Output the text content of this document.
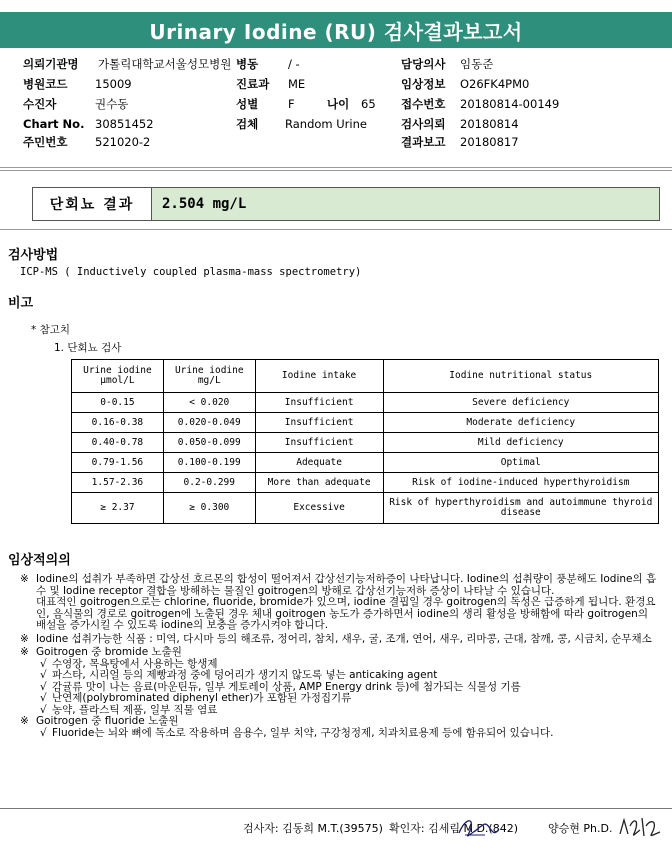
Urinary Iodine (RU) 검사결과보고서
의뢰기관명 가톨릭대학교서울성모병원 병동	/ -	담당의사 임동준
병원코드 15009	진료과 ME	임상정보 O26FK4PM0
수진자	권수동	성별	F	나이 65 접수번호 20180814-00149
Chart No. 30851452	검체 Random Urine	검사의뢰 20180814
주민번호 521020-2	결과보고 20180817
단회뇨 결과	2.504 mg/L
검사방법
ICP-MS ( Inductively coupled plasma-mass spectrometry)
비고
* 참고치
1. 단회뇨 검사
Urine iodine μmol/L	Urine iodine mg/L	Iodine intake	Iodine nutritional status
0-0.15	< 0.020	Insufficient	Severe deficiency
0.16-0.38	0.020-0.049	Insufficient	Moderate deficiency
0.40-0.78	0.050-0.099	Insufficient	Mild deficiency
0.79-1.56	0.100-0.199	Adequate	Optimal
1.57-2.36	0.2-0.299	More than adequate	Risk of iodine-induced hyperthyroidism
≥ 2.37	≥ 0.300	Excessive	Risk of hyperthyroidism and autoimmune thyroid disease
임상적의의

※ Iodine의 섭취가 부족하면 갑상선 호르몬의 합성이 떨어져서 갑상선기능저하증이 나타납니다. Iodine의 섭취량이 풍분해도 Iodine의 흡수 및 Iodine receptor 결합을 방해하는 물질인 goitrogen의 방해로 갑상선기능저하 증상이 나타날 수 있습니다.

대표적인 goitrogen으로는 chlorine, fluoride, bromide가 있으며, iodine 결핍일 경우 goitrogen의 독성은 급증하게 됩니다. 환경요인, 음식물의 경로로 goitrogen에 노출된 경우 체내 goitrogen 농도가 증가하면서 iodine의 생리 활성을 방해함에 따라 goitrogen의 배설을 증가시킬 수 있도록 iodine의 보충을 증가시켜야 합니다.

※ Iodine 섭취가능한 식품 : 미역, 다시마 등의 해조류, 정어리, 참치, 새우, 굴, 조개, 연어, 새우, 리마콩, 근대, 참깨, 콩, 시금치, 순무채소

※ Goitrogen 중 bromide 노출원

√ 수영장, 목욕탕에서 사용하는 항생제

√ 파스타, 시리얼 등의 제빵과정 중에 덩어리가 생기지 않도록 넣는 anticaking agent

√ 감귤류 맛이 나는 음료(마운틴듀, 일부 게토레이 상품, AMP Energy drink 등)에 첨가되는 식물성 기름

√ 난연제(polybrominated diphenyl ether)가 포함된 가정집기류

√ 농약, 플라스틱 제품, 일부 직물 염료

※ Goitrogen 중 fluoride 노출원

√ Fluoride는 뇌와 뼈에 독소로 작용하며 음용수, 일부 치약, 구강청정제, 치과치료용제 등에 함유되어 있습니다.

검사자: 김동희 M.T.(39575) 확인자: 김세림 M.D.(842)	양승현 Ph.D.
